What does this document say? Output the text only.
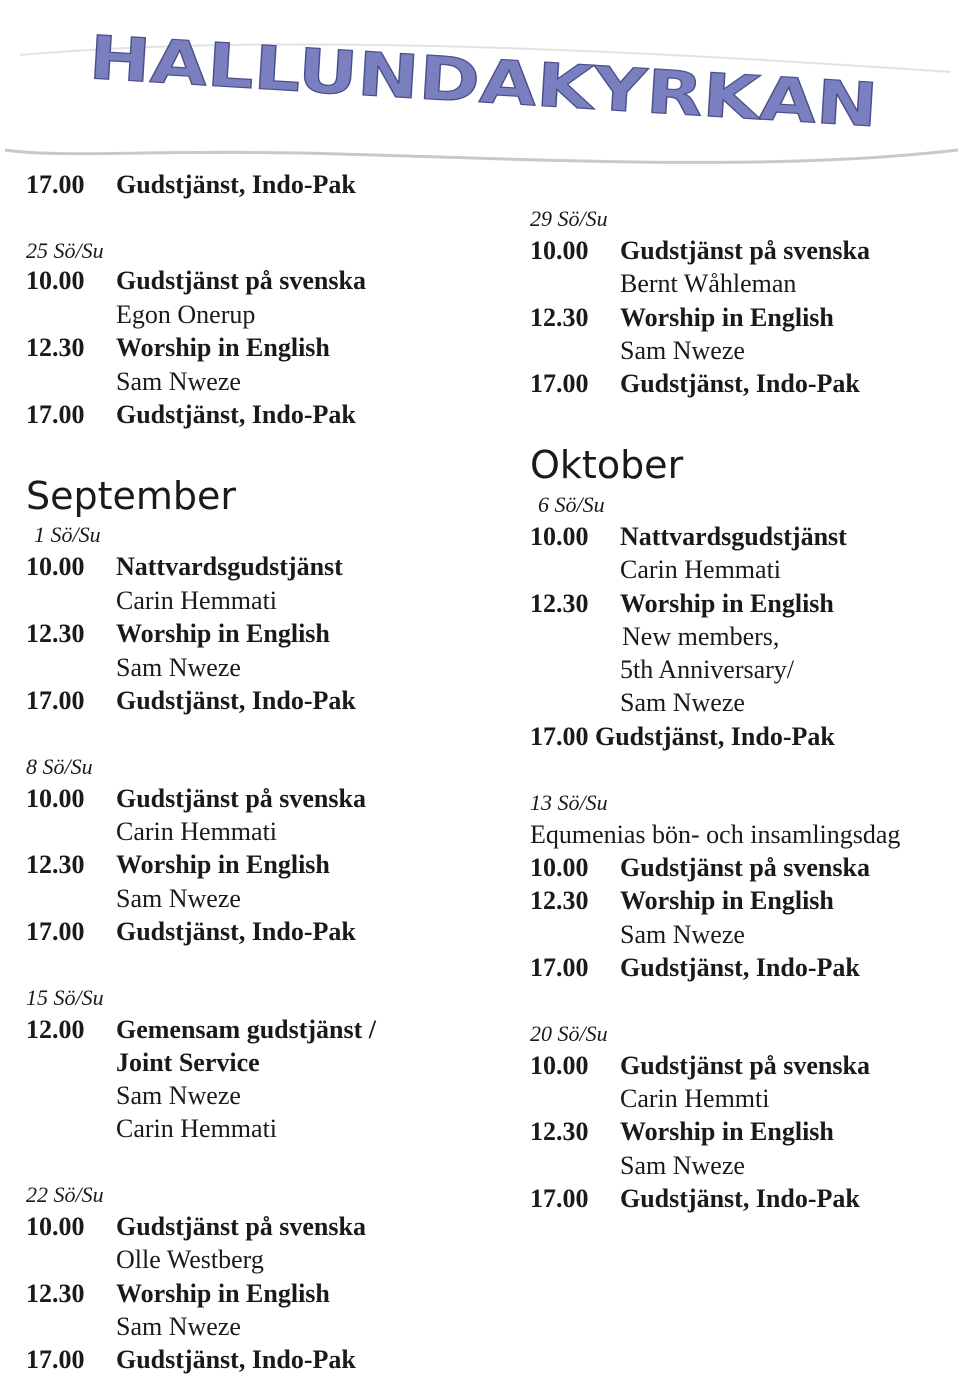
HALLUNDAKYRKAN
17.00 Gudstjänst, Indo-Pak
25 Sö/Su
10.00 Gudstjänst på svenska
Egon Onerup
12.30 Worship in English
Sam Nweze
17.00 Gudstjänst, Indo-Pak
September
1 Sö/Su
10.00 Nattvardsgudstjänst
Carin Hemmati
12.30 Worship in English
Sam Nweze
17.00 Gudstjänst, Indo-Pak
8 Sö/Su
10.00 Gudstjänst på svenska
Carin Hemmati
12.30 Worship in English
Sam Nweze
17.00 Gudstjänst, Indo-Pak
15 Sö/Su
12.00 Gemensam gudstjänst /
Joint Service
Sam Nweze
Carin Hemmati
22 Sö/Su
10.00 Gudstjänst på svenska
Olle Westberg
12.30 Worship in English
Sam Nweze
17.00 Gudstjänst, Indo-Pak
29 Sö/Su
10.00 Gudstjänst på svenska
Bernt Wåhleman
12.30 Worship in English
Sam Nweze
17.00 Gudstjänst, Indo-Pak
Oktober
6 Sö/Su
10.00 Nattvardsgudstjänst
Carin Hemmati
12.30 Worship in English
New members,
5th Anniversary/
Sam Nweze
17.00 Gudstjänst, Indo-Pak
13 Sö/Su
Equmenias bön- och insamlingsdag
10.00 Gudstjänst på svenska
12.30 Worship in English
Sam Nweze
17.00 Gudstjänst, Indo-Pak
20 Sö/Su
10.00 Gudstjänst på svenska
Carin Hemmti
12.30 Worship in English
Sam Nweze
17.00 Gudstjänst, Indo-Pak
